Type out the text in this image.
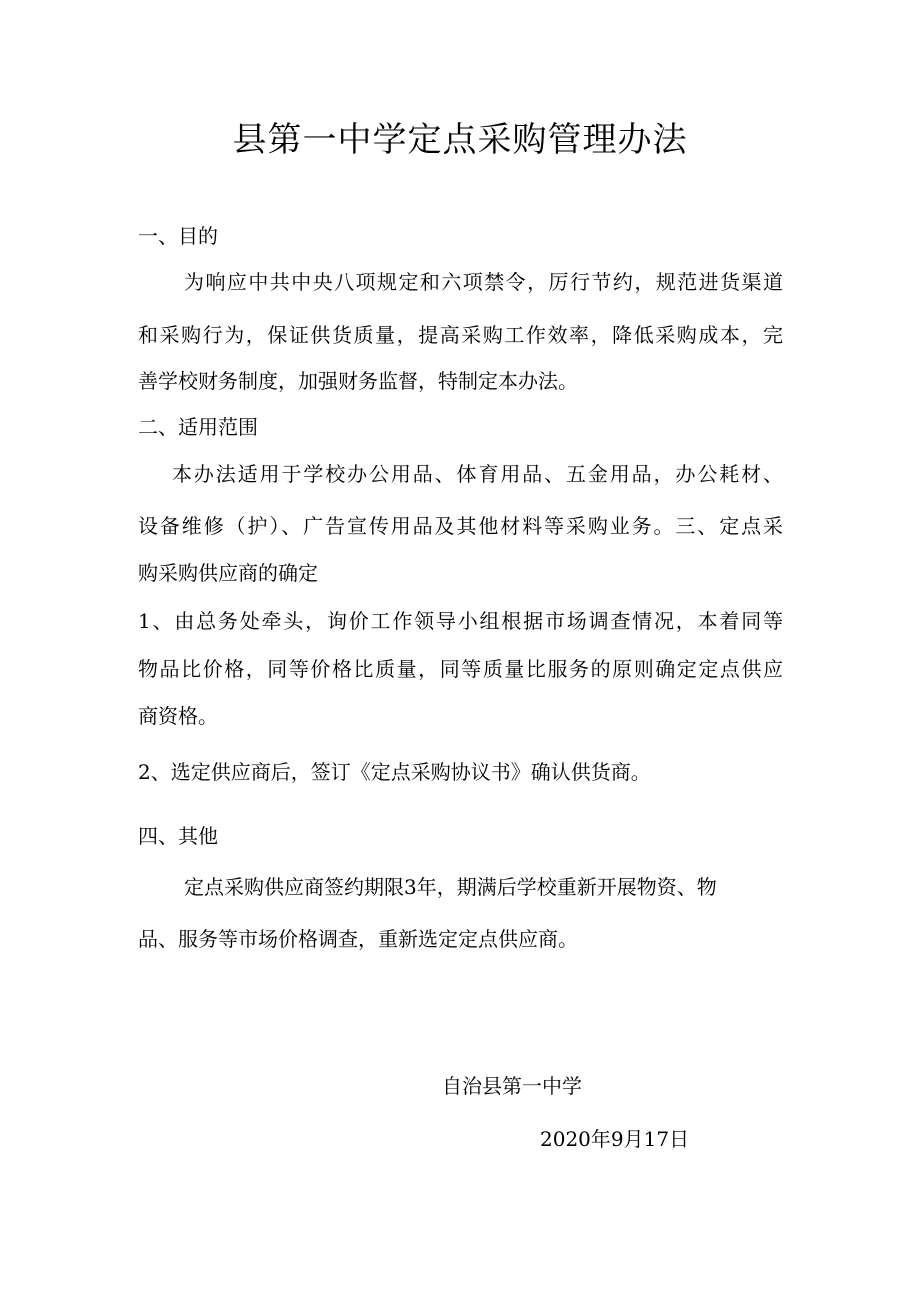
县第一中学定点采购管理办法
一、目的
为响应中共中央八项规定和六项禁令，厉行节约，规范进货渠道
和采购行为，保证供货质量，提高采购工作效率，降低采购成本，完
善学校财务制度，加强财务监督，特制定本办法。
二、适用范围
本办法适用于学校办公用品、体育用品、五金用品，办公耗材、
设备维修（护）、广告宣传用品及其他材料等采购业务。三、定点采
购采购供应商的确定
1、由总务处牵头，询价工作领导小组根据市场调查情况，本着同等
物品比价格，同等价格比质量，同等质量比服务的原则确定定点供应
商资格。
2、选定供应商后，签订《定点采购协议书》确认供货商。
四、其他
定点采购供应商签约期限3年，期满后学校重新开展物资、物
品、服务等市场价格调查，重新选定定点供应商。
自治县第一中学
2020年9月17日
